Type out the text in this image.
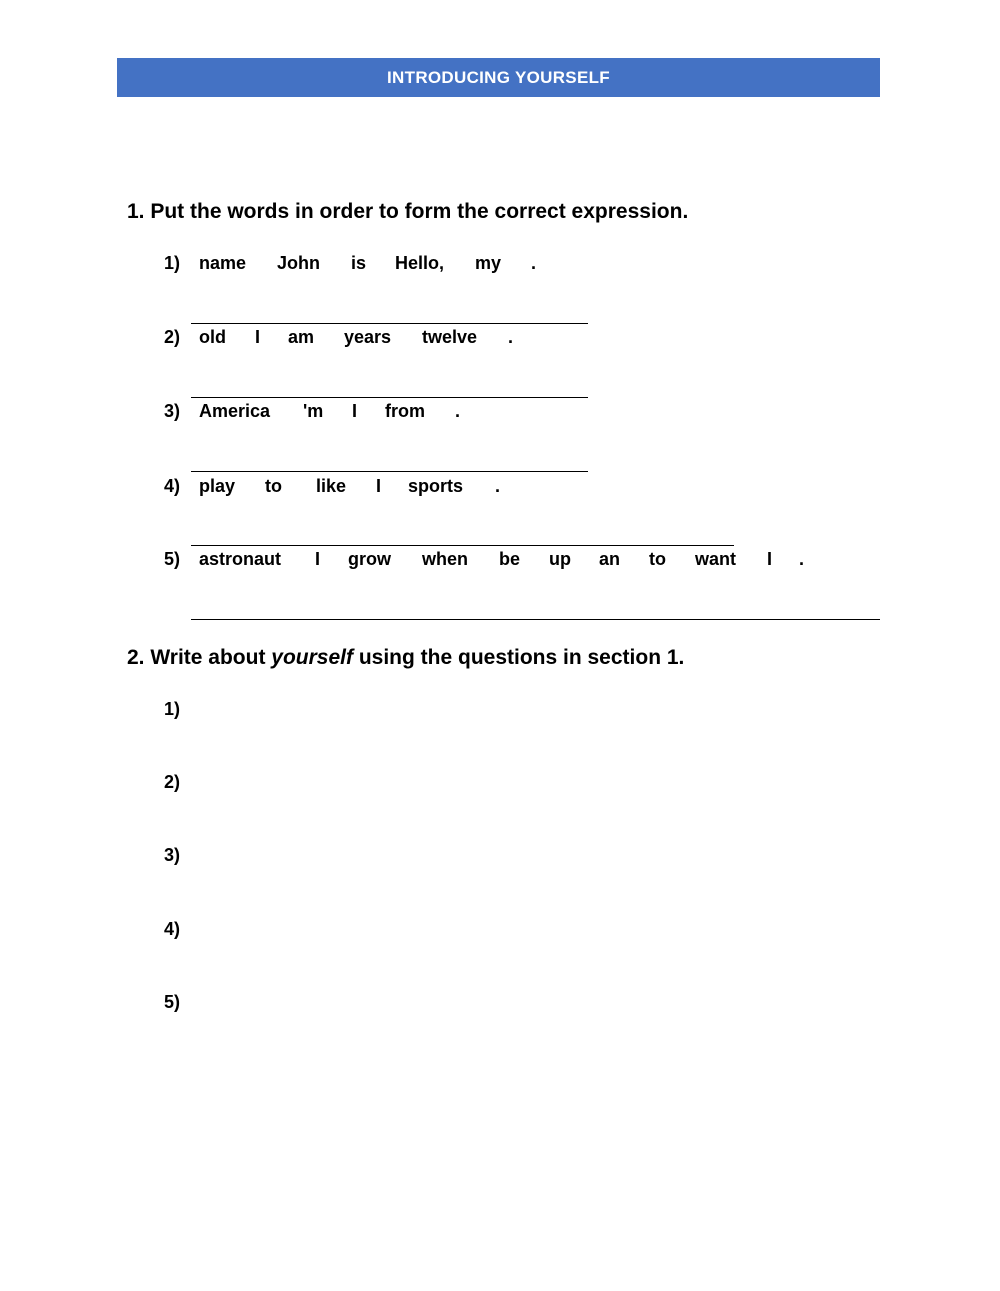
INTRODUCING YOURSELF
1. Put the words in order to form the correct expression.
1)
2)
3)
4)
5)
name John is Hello, my .
old I am years twelve .
America 'm I from .
play to like I sports .
astronaut I grow when be up an to want I .
2. Write about yourself using the questions in section 1.
1)
2)
3)
4)
5)
